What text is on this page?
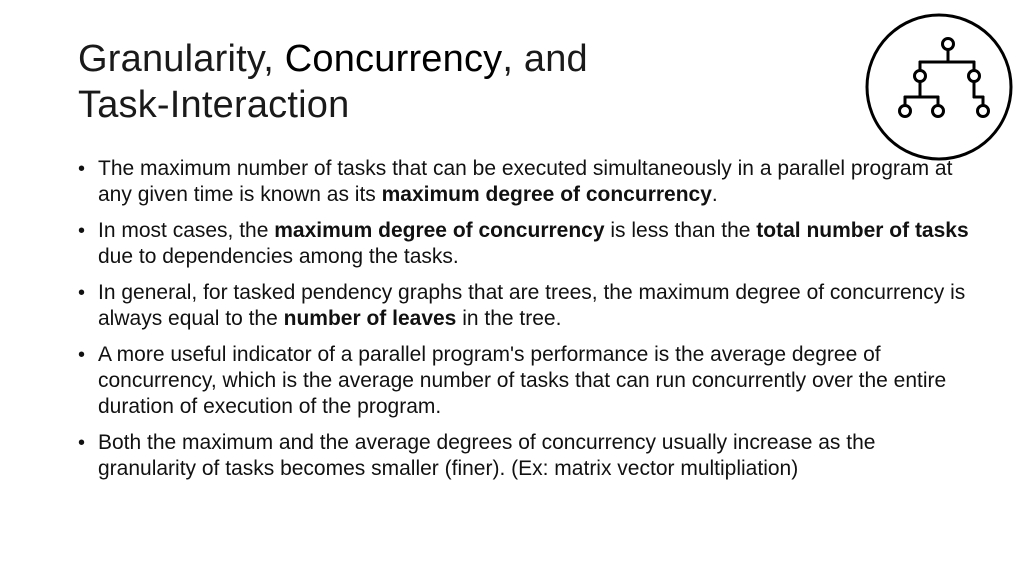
Granularity, Concurrency, and
Task-Interaction
• The maximum number of tasks that can be executed simultaneously in a parallel program at any given time is known as its maximum degree of concurrency.
• In most cases, the maximum degree of concurrency is less than the total number of tasks due to dependencies among the tasks.
• In general, for tasked pendency graphs that are trees, the maximum degree of concurrency is always equal to the number of leaves in the tree.
• A more useful indicator of a parallel program's performance is the average degree of concurrency, which is the average number of tasks that can run concurrently over the entire duration of execution of the program.
• Both the maximum and the average degrees of concurrency usually increase as the granularity of tasks becomes smaller (finer). (Ex: matrix vector multipliation)
